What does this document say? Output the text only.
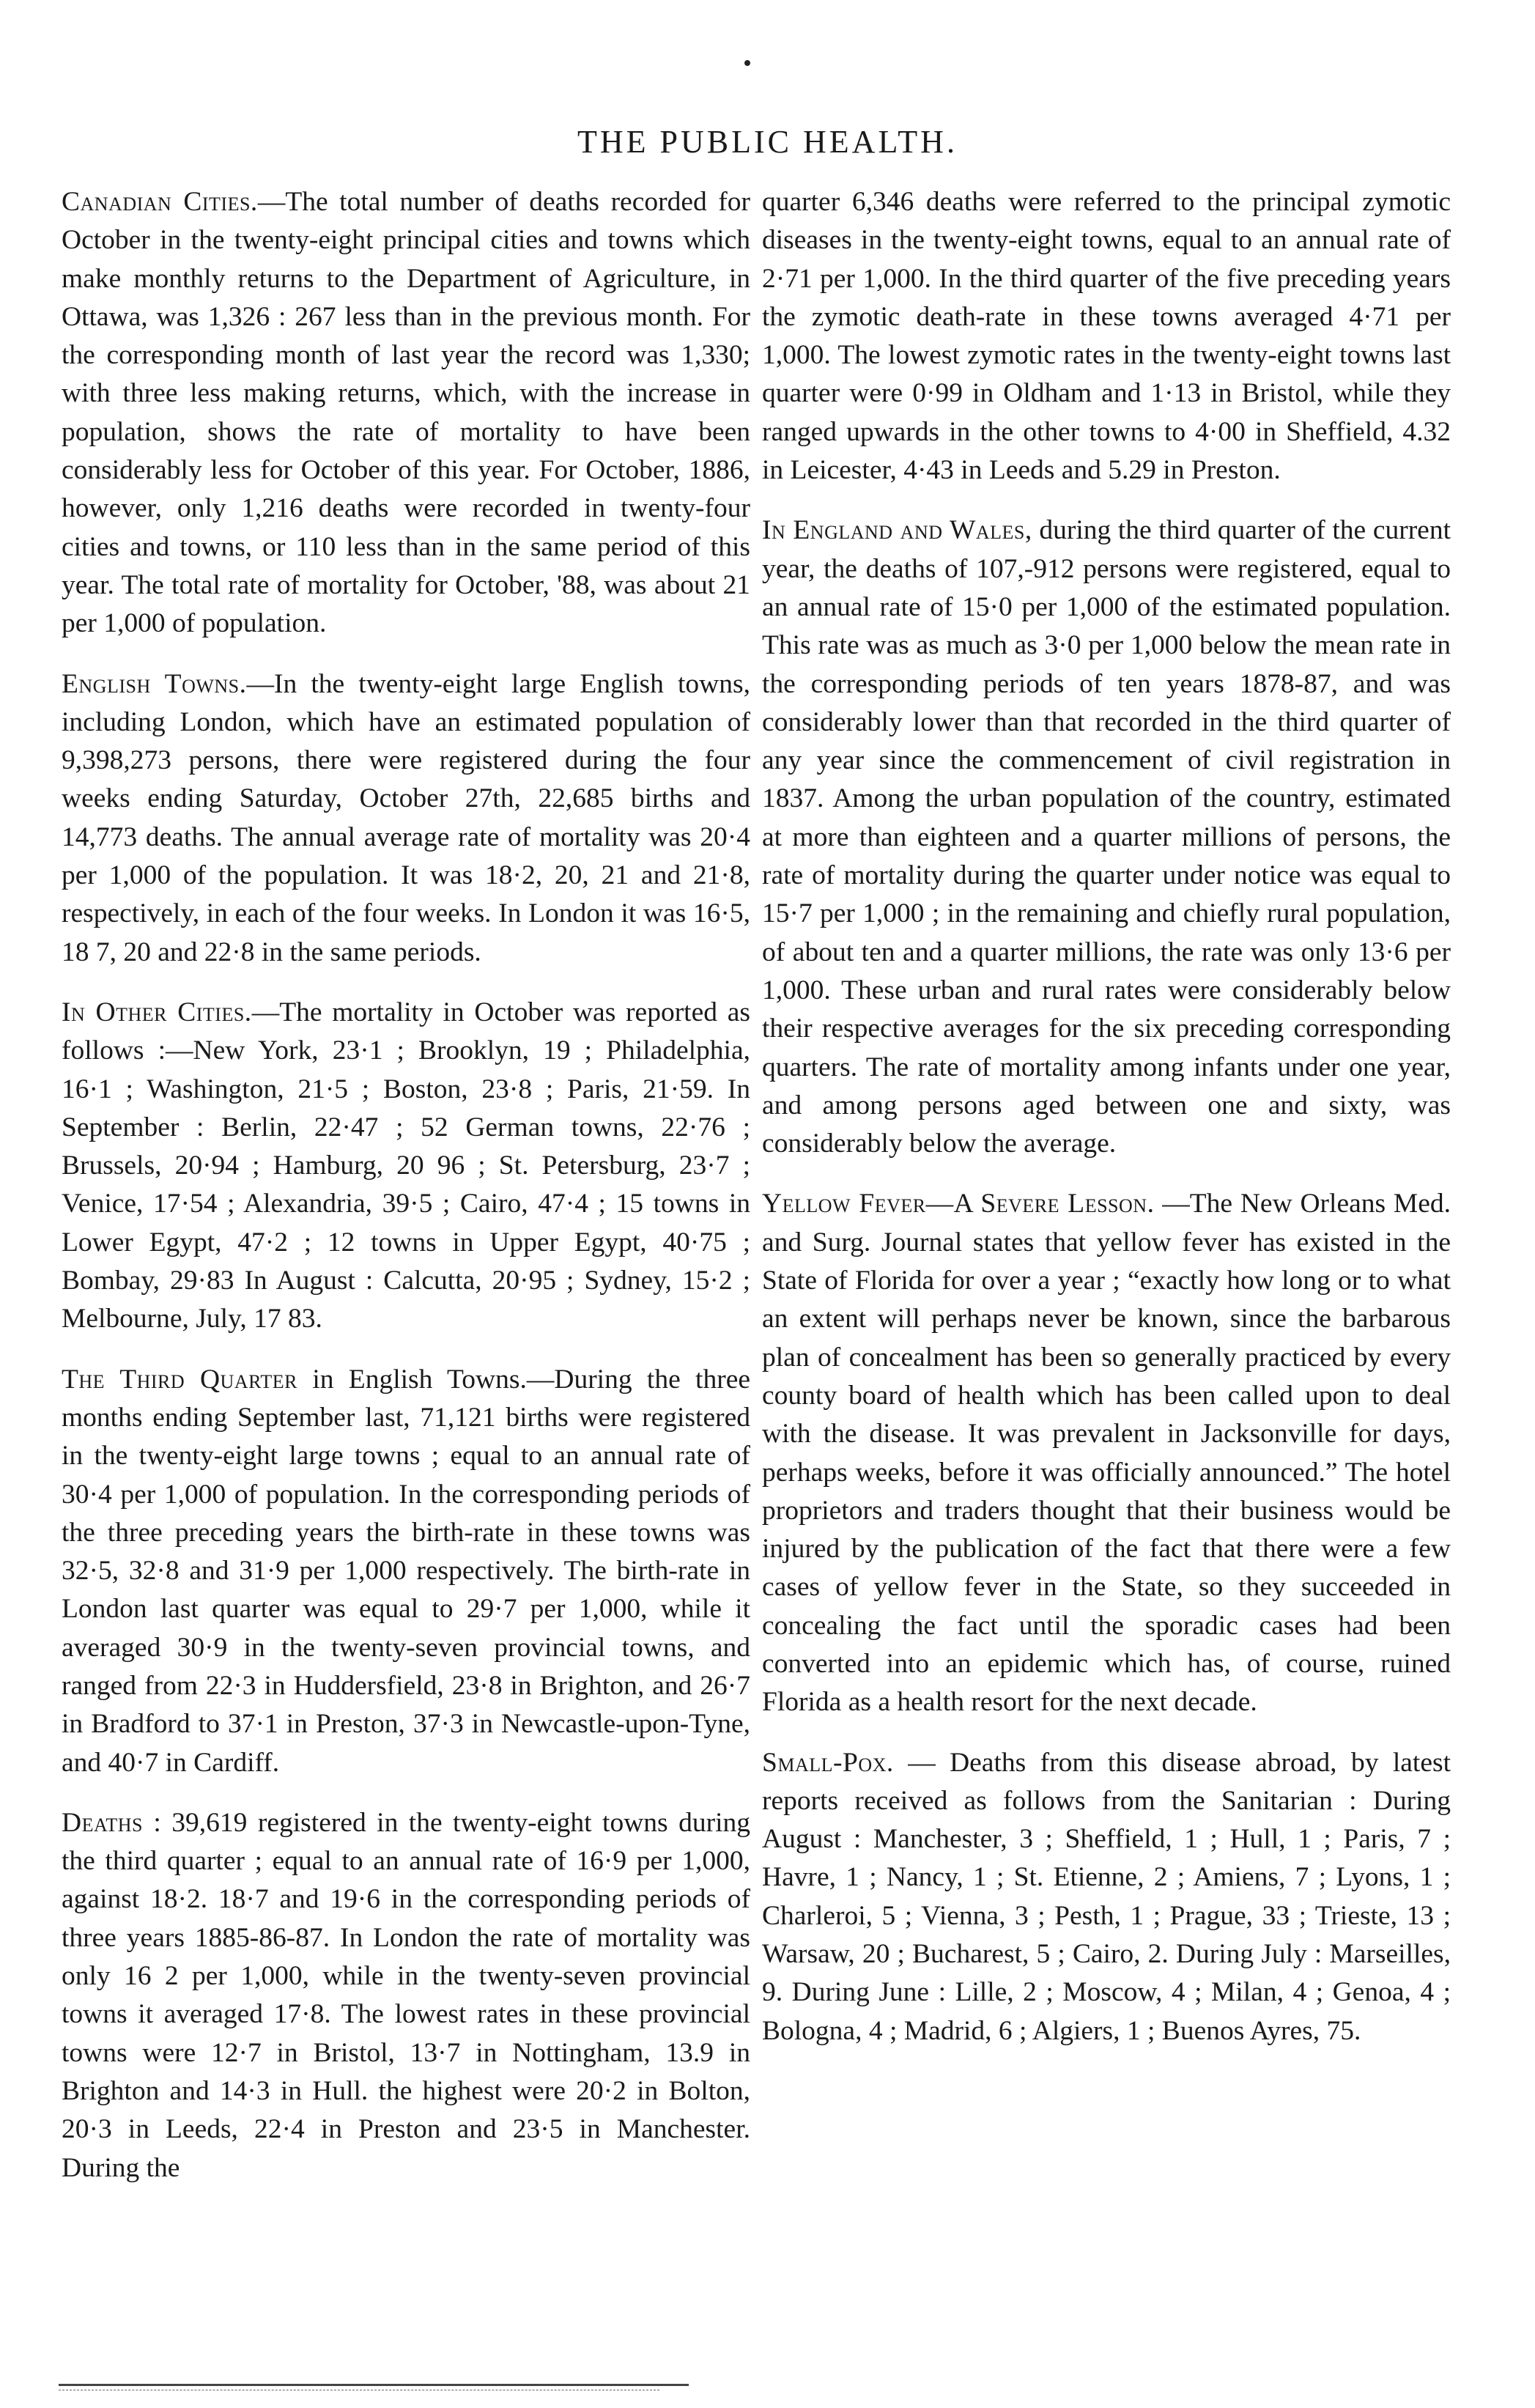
THE PUBLIC HEALTH.

Canadian Cities.—The total number of deaths recorded for October in the twenty-eight principal cities and towns which make monthly returns to the Department of Agriculture, in Ottawa, was 1,326 : 267 less than in the previous month. For the corresponding month of last year the record was 1,330; with three less making returns, which, with the increase in population, shows the rate of mortality to have been considerably less for October of this year. For October, 1886, however, only 1,216 deaths were recorded in twenty-four cities and towns, or 110 less than in the same period of this year. The total rate of mortality for October, '88, was about 21 per 1,000 of population.

English Towns.—In the twenty-eight large English towns, including London, which have an estimated population of 9,398,273 persons, there were registered during the four weeks ending Saturday, October 27th, 22,685 births and 14,773 deaths. The annual average rate of mortality was 20·4 per 1,000 of the population. It was 18·2, 20, 21 and 21·8, respectively, in each of the four weeks. In London it was 16·5, 18 7, 20 and 22·8 in the same periods.

In Other Cities.—The mortality in October was reported as follows :—New York, 23·1 ; Brooklyn, 19 ; Philadelphia, 16·1 ; Washington, 21·5 ; Boston, 23·8 ; Paris, 21·59. In September : Berlin, 22·47 ; 52 German towns, 22·76 ; Brussels, 20·94 ; Hamburg, 20 96 ; St. Petersburg, 23·7 ; Venice, 17·54 ; Alexandria, 39·5 ; Cairo, 47·4 ; 15 towns in Lower Egypt, 47·2 ; 12 towns in Upper Egypt, 40·75 ; Bombay, 29·83 In August : Calcutta, 20·95 ; Sydney, 15·2 ; Melbourne, July, 17 83.

The Third Quarter in English Towns.—During the three months ending September last, 71,121 births were registered in the twenty-eight large towns ; equal to an annual rate of 30·4 per 1,000 of population. In the corresponding periods of the three preceding years the birth-rate in these towns was 32·5, 32·8 and 31·9 per 1,000 respectively. The birth-rate in London last quarter was equal to 29·7 per 1,000, while it averaged 30·9 in the twenty-seven provincial towns, and ranged from 22·3 in Huddersfield, 23·8 in Brighton, and 26·7 in Bradford to 37·1 in Preston, 37·3 in Newcastle-upon-Tyne, and 40·7 in Cardiff.

Deaths : 39,619 registered in the twenty-eight towns during the third quarter ; equal to an annual rate of 16·9 per 1,000, against 18·2. 18·7 and 19·6 in the corresponding periods of three years 1885-86-87. In London the rate of mortality was only 16 2 per 1,000, while in the twenty-seven provincial towns it averaged 17·8. The lowest rates in these provincial towns were 12·7 in Bristol, 13·7 in Nottingham, 13.9 in Brighton and 14·3 in Hull. the highest were 20·2 in Bolton, 20·3 in Leeds, 22·4 in Preston and 23·5 in Manchester. During the

quarter 6,346 deaths were referred to the principal zymotic diseases in the twenty-eight towns, equal to an annual rate of 2·71 per 1,000. In the third quarter of the five preceding years the zymotic death-rate in these towns averaged 4·71 per 1,000. The lowest zymotic rates in the twenty-eight towns last quarter were 0·99 in Oldham and 1·13 in Bristol, while they ranged upwards in the other towns to 4·00 in Sheffield, 4.32 in Leicester, 4·43 in Leeds and 5.29 in Preston.

In England and Wales, during the third quarter of the current year, the deaths of 107,-912 persons were registered, equal to an annual rate of 15·0 per 1,000 of the estimated population. This rate was as much as 3·0 per 1,000 below the mean rate in the corresponding periods of ten years 1878-87, and was considerably lower than that recorded in the third quarter of any year since the commencement of civil registration in 1837. Among the urban population of the country, estimated at more than eighteen and a quarter millions of persons, the rate of mortality during the quarter under notice was equal to 15·7 per 1,000 ; in the remaining and chiefly rural population, of about ten and a quarter millions, the rate was only 13·6 per 1,000. These urban and rural rates were considerably below their respective averages for the six preceding corresponding quarters. The rate of mortality among infants under one year, and among persons aged between one and sixty, was considerably below the average.

Yellow Fever—A Severe Lesson. —The New Orleans Med. and Surg. Journal states that yellow fever has existed in the State of Florida for over a year ; “exactly how long or to what an extent will perhaps never be known, since the barbarous plan of concealment has been so generally practiced by every county board of health which has been called upon to deal with the disease. It was prevalent in Jacksonville for days, perhaps weeks, before it was officially announced.” The hotel proprietors and traders thought that their business would be injured by the publication of the fact that there were a few cases of yellow fever in the State, so they succeeded in concealing the fact until the sporadic cases had been converted into an epidemic which has, of course, ruined Florida as a health resort for the next decade.

Small-Pox. — Deaths from this disease abroad, by latest reports received as follows from the Sanitarian : During August : Manchester, 3 ; Sheffield, 1 ; Hull, 1 ; Paris, 7 ; Havre, 1 ; Nancy, 1 ; St. Etienne, 2 ; Amiens, 7 ; Lyons, 1 ; Charleroi, 5 ; Vienna, 3 ; Pesth, 1 ; Prague, 33 ; Trieste, 13 ; Warsaw, 20 ; Bucharest, 5 ; Cairo, 2. During July : Marseilles, 9. During June : Lille, 2 ; Moscow, 4 ; Milan, 4 ; Genoa, 4 ; Bologna, 4 ; Madrid, 6 ; Algiers, 1 ; Buenos Ayres, 75.
